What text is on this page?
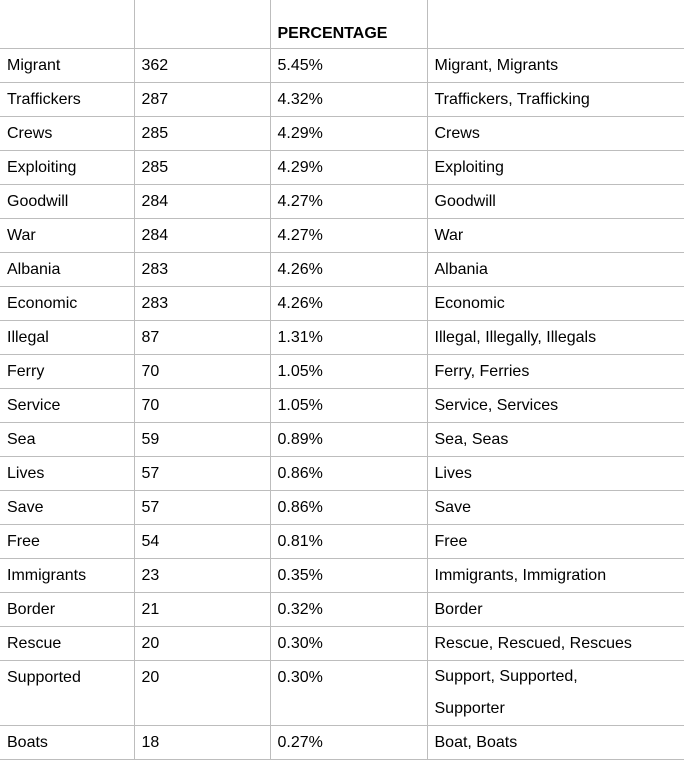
		PERCENTAGE	
Migrant	362	5.45%	Migrant, Migrants
Traffickers	287	4.32%	Traffickers, Trafficking
Crews	285	4.29%	Crews
Exploiting	285	4.29%	Exploiting
Goodwill	284	4.27%	Goodwill
War	284	4.27%	War
Albania	283	4.26%	Albania
Economic	283	4.26%	Economic
Illegal	87	1.31%	Illegal, Illegally, Illegals
Ferry	70	1.05%	Ferry, Ferries
Service	70	1.05%	Service, Services
Sea	59	0.89%	Sea, Seas
Lives	57	0.86%	Lives
Save	57	0.86%	Save
Free	54	0.81%	Free
Immigrants	23	0.35%	Immigrants, Immigration
Border	21	0.32%	Border
Rescue	20	0.30%	Rescue, Rescued, Rescues
Supported	20	0.30%	Support, Supported,
Supporter

Boats	18	0.27%	Boat, Boats
